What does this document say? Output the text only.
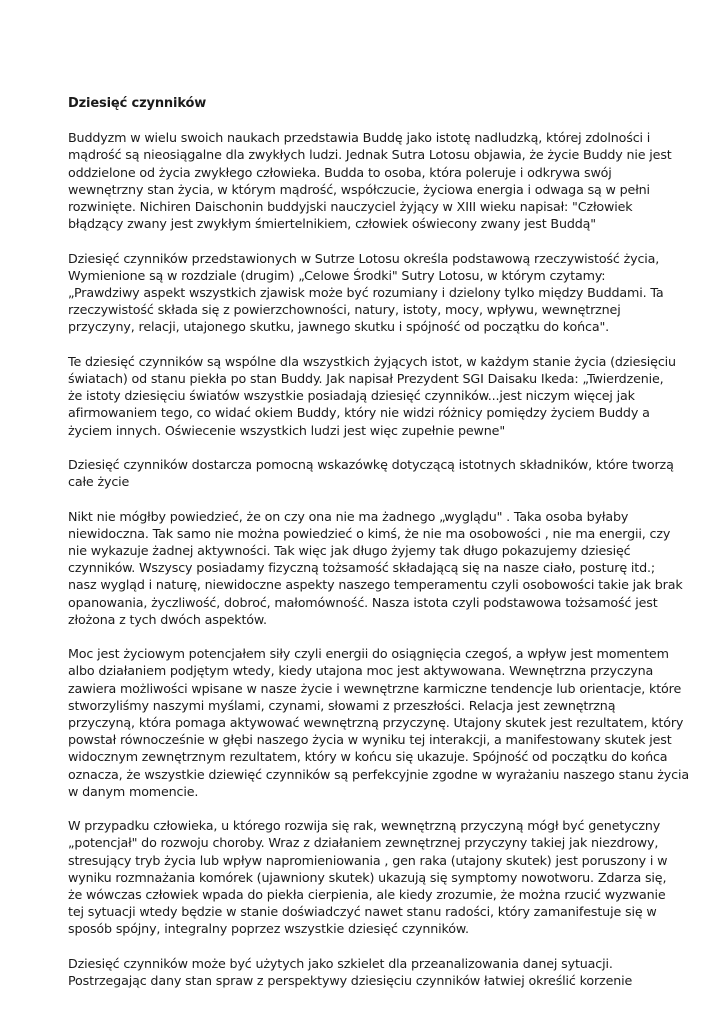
Dziesięć czynników
Buddyzm w wielu swoich naukach przedstawia Buddę jako istotę nadludzką, której zdolności i
mądrość są nieosiągalne dla zwykłych ludzi. Jednak Sutra Lotosu objawia, że życie Buddy nie jest
oddzielone od życia zwykłego człowieka. Budda to osoba, która poleruje i odkrywa swój
wewnętrzny stan życia, w którym mądrość, współczucie, życiowa energia i odwaga są w pełni
rozwinięte. Nichiren Daischonin buddyjski nauczyciel żyjący w XIII wieku napisał: "Człowiek
błądzący zwany jest zwykłym śmiertelnikiem, człowiek oświecony zwany jest Buddą"
Dziesięć czynników przedstawionych w Sutrze Lotosu określa podstawową rzeczywistość życia,
Wymienione są w rozdziale (drugim) „Celowe Środki" Sutry Lotosu, w którym czytamy:
„Prawdziwy aspekt wszystkich zjawisk może być rozumiany i dzielony tylko między Buddami. Ta
rzeczywistość składa się z powierzchowności, natury, istoty, mocy, wpływu, wewnętrznej
przyczyny, relacji, utajonego skutku, jawnego skutku i spójność od początku do końca".
Te dziesięć czynników są wspólne dla wszystkich żyjących istot, w każdym stanie życia (dziesięciu
światach) od stanu piekła po stan Buddy. Jak napisał Prezydent SGI Daisaku Ikeda: „Twierdzenie,
że istoty dziesięciu światów wszystkie posiadają dziesięć czynników...jest niczym więcej jak
afirmowaniem tego, co widać okiem Buddy, który nie widzi różnicy pomiędzy życiem Buddy a
życiem innych. Oświecenie wszystkich ludzi jest więc zupełnie pewne"
Dziesięć czynników dostarcza pomocną wskazówkę dotyczącą istotnych składników, które tworzą
całe życie
Nikt nie mógłby powiedzieć, że on czy ona nie ma żadnego „wyglądu" . Taka osoba byłaby
niewidoczna. Tak samo nie można powiedzieć o kimś, że nie ma osobowości , nie ma energii, czy
nie wykazuje żadnej aktywności. Tak więc jak długo żyjemy tak długo pokazujemy dziesięć
czynników. Wszyscy posiadamy fizyczną tożsamość składającą się na nasze ciało, posturę itd.;
nasz wygląd i naturę, niewidoczne aspekty naszego temperamentu czyli osobowości takie jak brak
opanowania, życzliwość, dobroć, małomówność. Nasza istota czyli podstawowa tożsamość jest
złożona z tych dwóch aspektów.
Moc jest życiowym potencjałem siły czyli energii do osiągnięcia czegoś, a wpływ jest momentem
albo działaniem podjętym wtedy, kiedy utajona moc jest aktywowana. Wewnętrzna przyczyna
zawiera możliwości wpisane w nasze życie i wewnętrzne karmiczne tendencje lub orientacje, które
stworzyliśmy naszymi myślami, czynami, słowami z przeszłości. Relacja jest zewnętrzną
przyczyną, która pomaga aktywować wewnętrzną przyczynę. Utajony skutek jest rezultatem, który
powstał równocześnie w głębi naszego życia w wyniku tej interakcji, a manifestowany skutek jest
widocznym zewnętrznym rezultatem, który w końcu się ukazuje. Spójność od początku do końca
oznacza, że wszystkie dziewięć czynników są perfekcyjnie zgodne w wyrażaniu naszego stanu życia
w danym momencie.
W przypadku człowieka, u którego rozwija się rak, wewnętrzną przyczyną mógł być genetyczny
„potencjał" do rozwoju choroby. Wraz z działaniem zewnętrznej przyczyny takiej jak niezdrowy,
stresujący tryb życia lub wpływ napromieniowania , gen raka (utajony skutek) jest poruszony i w
wyniku rozmnażania komórek (ujawniony skutek) ukazują się symptomy nowotworu. Zdarza się,
że wówczas człowiek wpada do piekła cierpienia, ale kiedy zrozumie, że można rzucić wyzwanie
tej sytuacji wtedy będzie w stanie doświadczyć nawet stanu radości, który zamanifestuje się w
sposób spójny, integralny poprzez wszystkie dziesięć czynników.
Dziesięć czynników może być użytych jako szkielet dla przeanalizowania danej sytuacji.
Postrzegając dany stan spraw z perspektywy dziesięciu czynników łatwiej określić korzenie
